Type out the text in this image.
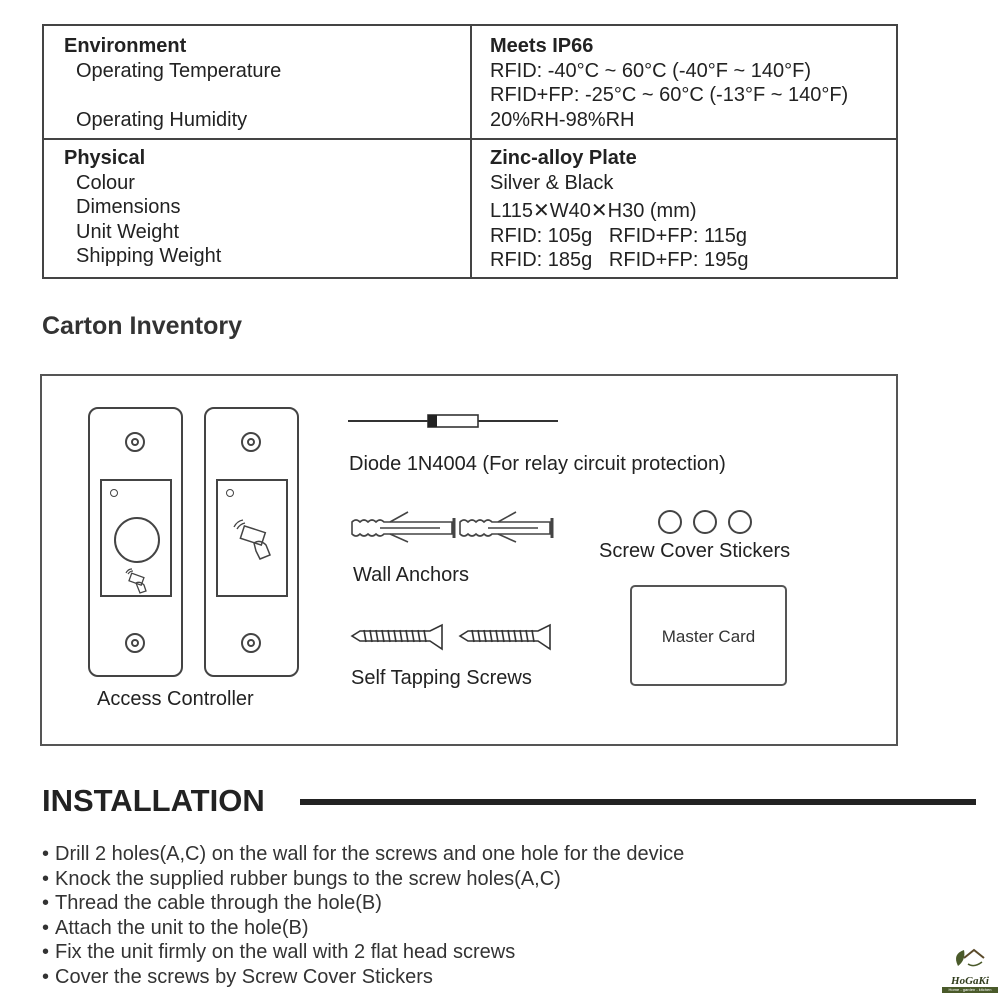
Environment
Operating Temperature
Operating Humidity
Meets IP66
RFID: -40°C ~ 60°C (-40°F ~ 140°F)
RFID+FP: -25°C ~ 60°C (-13°F ~ 140°F)
20%RH-98%RH
Physical
Colour
Dimensions
Unit Weight
Shipping Weight
Zinc-alloy Plate
Silver & Black
L115✕W40✕H30 (mm)
RFID: 105g   RFID+FP: 115g
RFID: 185g   RFID+FP: 195g
Carton Inventory
Access Controller
Diode 1N4004 (For relay circuit protection)
Wall Anchors
Screw Cover Stickers
Self Tapping Screws
Master Card
INSTALLATION
• Drill 2 holes(A,C) on the wall for the screws and one hole for the device
• Knock the supplied rubber bungs to the screw holes(A,C)
• Thread the cable through the hole(B)
• Attach the unit to the hole(B)
• Fix the unit firmly on the wall with 2 flat head screws
• Cover the screws by Screw Cover Stickers	HoGaKi
Home - garden - kitchen
